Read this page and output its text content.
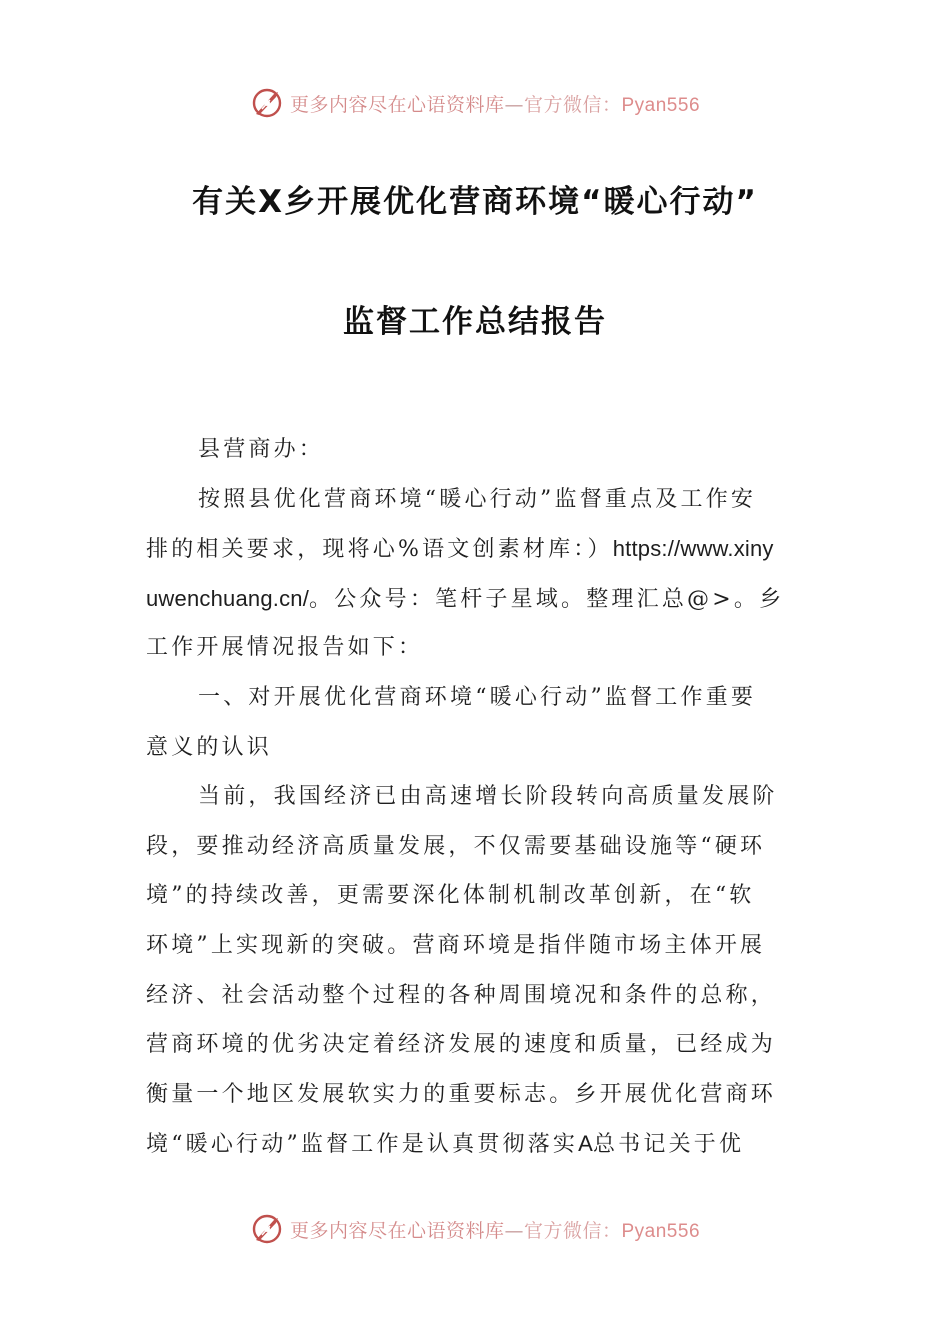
更多内容尽在心语资料库—官方微信：Pyan556
有关X乡开展优化营商环境“暖心行动”
监督工作总结报告
县营商办：
按照县优化营商环境“暖心行动”监督重点及工作安
排的相关要求，现将心%语文创素材库：）https://www.xiny
uwenchuang.cn/。公众号：笔杆子星域。整理汇总@>。乡
工作开展情况报告如下：
一、对开展优化营商环境“暖心行动”监督工作重要
意义的认识
当前，我国经济已由高速增长阶段转向高质量发展阶
段，要推动经济高质量发展，不仅需要基础设施等“硬环
境”的持续改善，更需要深化体制机制改革创新，在“软
环境”上实现新的突破。营商环境是指伴随市场主体开展
经济、社会活动整个过程的各种周围境况和条件的总称，
营商环境的优劣决定着经济发展的速度和质量，已经成为
衡量一个地区发展软实力的重要标志。乡开展优化营商环
境“暖心行动”监督工作是认真贯彻落实A总书记关于优
更多内容尽在心语资料库—官方微信：Pyan556
